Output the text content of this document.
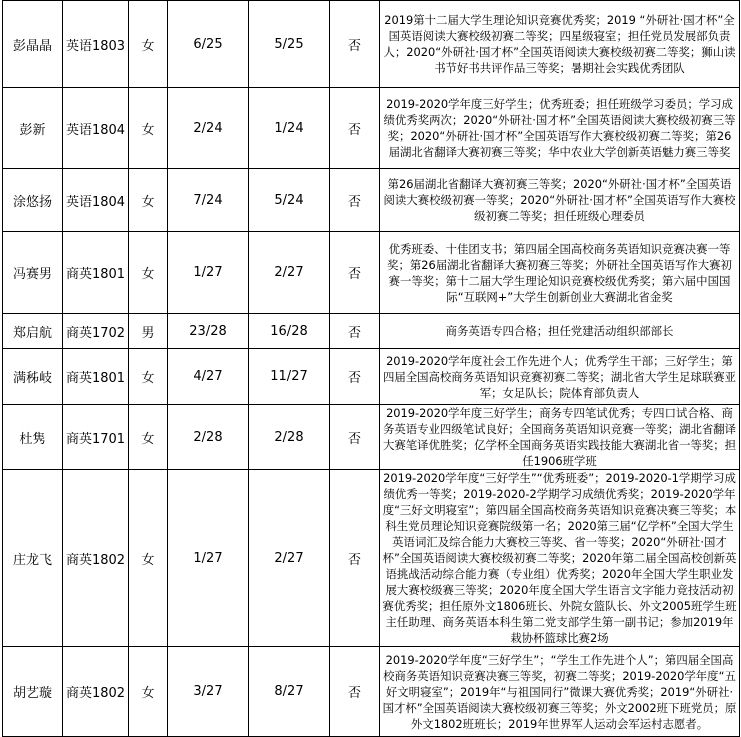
彭晶晶	英语1803	女	6/25	5/25	否	2019第十二届大学生理论知识竞赛优秀奖；2019 “外研社·国才杯”全国英语阅读大赛校级初赛二等奖；四星级寝室；担任党员发展部负责人；2020“外研社·国才杯”全国英语阅读大赛校级初赛二等奖；狮山读书节好书共评作品三等奖；暑期社会实践优秀团队
彭新	英语1804	女	2/24	1/24	否	2019-2020学年度三好学生；优秀班委；担任班级学习委员；学习成绩优秀奖两次；2020“外研社·国才杯”全国英语阅读大赛校级初赛三等奖；2020“外研社·国才杯”全国英语写作大赛校级初赛二等奖；第26届湖北省翻译大赛初赛三等奖；华中农业大学创新英语魅力赛三等奖
涂悠扬	英语1804	女	7/24	5/24	否	第26届湖北省翻译大赛初赛三等奖；2020“外研社·国才杯”全国英语阅读大赛校级初赛一等奖；2020“外研社·国才杯”全国英语写作大赛校级初赛二等奖；担任班级心理委员
冯赛男	商英1801	女	1/27	2/27	否	优秀班委、十佳团支书；第四届全国高校商务英语知识竞赛决赛一等奖；第26届湖北省翻译大赛初赛三等奖；外研社全国英语写作大赛初赛一等奖；第十二届大学生理论知识竞赛校级优秀奖；第六届中国国际“互联网+”大学生创新创业大赛湖北省金奖
郑启航	商英1702	男	23/28	16/28	否	商务英语专四合格；担任党建活动组织部部长
满秭岐	商英1801	女	4/27	11/27	否	2019-2020学年度社会工作先进个人；优秀学生干部；三好学生；第四届全国高校商务英语知识竞赛初赛二等奖；湖北省大学生足球联赛亚军；女足队长；院体育部负责人
杜隽	商英1701	女	2/28	2/28	否	2019-2020学年度三好学生；商务专四笔试优秀；专四口试合格、商务英语专业四级笔试良好；全国商务英语知识竞赛一等奖；湖北省翻译大赛笔译优胜奖；亿学杯全国商务英语实践技能大赛湖北省一等奖；担任1906班学班
庄龙飞	商英1802	女	1/27	2/27	否	2019-2020学年度“三好学生”“优秀班委”；2019-2020-1学期学习成绩优秀一等奖；2019-2020-2学期学习成绩优秀奖；2019-2020学年度“三好文明寝室”；第四届全国高校商务英语知识竞赛决赛三等奖；本科生党员理论知识竞赛院级第一名；2020第三届“亿学杯”全国大学生英语词汇及综合能力大赛校三等奖、省一等奖；2020“外研社·国才杯”全国英语阅读大赛校级初赛二等奖；2020年第二届全国高校创新英语挑战活动综合能力赛（专业组）优秀奖；2020年全国大学生职业发展大赛校级赛三等奖；2020年度全国大学生语言文字能力竞技活动初赛优秀奖；担任原外文1806班长、外院女篮队长、外文2005班学生班主任助理、商务英语本科生第二党支部学生第一副书记；参加2019年栽协杯篮球比赛2场
胡艺璇	商英1802	女	3/27	8/27	否	2019-2020学年度“三好学生”；“学生工作先进个人”；第四届全国高校商务英语知识竞赛决赛三等奖，初赛二等奖；2019-2020学年度“五好文明寝室”；2019年“与祖国同行”微课大赛优秀奖；2019“外研社·国才杯”全国英语阅读大赛校级初赛三等奖；外文2002班下班党员；原外文1802班班长；2019年世界军人运动会军运村志愿者。
